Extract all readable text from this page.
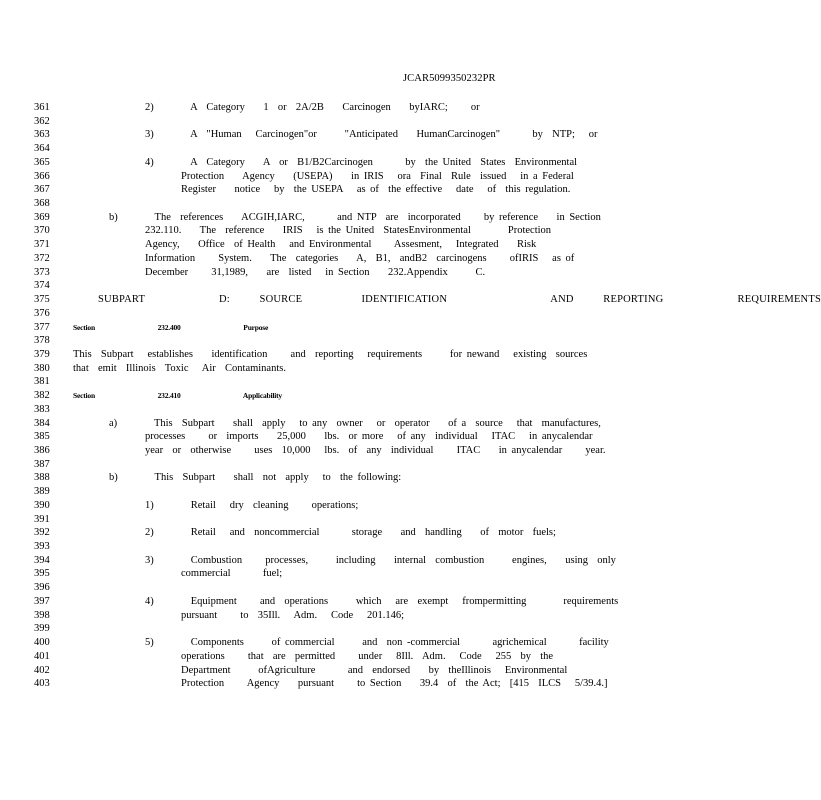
JCAR5099350232PR
361	2)        A  Category    1  or  2A/2B    Carcinogen    byIARC;     or
362
363	3)        A  "Human   Carcinogen"or      "Anticipated    HumanCarcinogen"       by  NTP;   or
364
365	4)        A  Category    A  or  B1/B2Carcinogen       by  the United  States  Environmental
366	Protection    Agency    (USEPA)    in IRIS   ora  Final  Rule  issued   in a Federal
367	Register    notice   by  the USEPA   as of  the effective   date   of  this regulation.
368
369	b)        The  references    ACGIH,IARC,       and NTP  are  incorporated     by reference    in Section
370	232.110.    The  reference    IRIS   is the United  StatesEnvironmental        Protection
371	Agency,    Office  of Health   and Environmental     Assesment,   Integrated    Risk
372	Information     System.    The  categories    A,  B1,  andB2  carcinogens     ofIRIS   as of
373	December     31,1989,    are  listed   in Section    232.Appendix      C.
374
375	SUBPART     D:  SOURCE    IDENTIFICATION       AND  REPORTING     REQUIREMENTS
376
377	Section    232.400    Purpose
378
379	This  Subpart   establishes    identification     and  reporting   requirements      for newand   existing  sources
380	that  emit  Illinois  Toxic   Air  Contaminants.
381
382	Section    232.410    Applicability
383
384	a)        This  Subpart    shall  apply   to any  owner   or  operator    of a  source   that  manufactures,
385	processes     or  imports    25,000    lbs.  or more   of any  individual   ITAC   in anycalendar
386	year  or  otherwise     uses  10,000   lbs.  of  any  individual     ITAC    in anycalendar     year.
387
388	b)        This  Subpart    shall  not  apply   to  the following:
389
390	1)        Retail   dry  cleaning     operations;
391
392	2)        Retail   and  noncommercial       storage    and  handling    of  motor  fuels;
393
394	3)        Combustion     processes,      including    internal  combustion      engines,    using  only
395	commercial       fuel;
396
397	4)        Equipment     and  operations      which   are  exempt   frompermitting        requirements
398	pursuant     to  35Ill.   Adm.   Code   201.146;
399
400	5)        Components      of commercial      and  non -commercial       agrichemical       facility
401	operations     that  are  permitted     under   8Ill.  Adm.   Code   255  by  the
402	Department      ofAgriculture       and  endorsed    by  theIllinois   Environmental
403	Protection     Agency    pursuant     to Section    39.4  of  the Act;  [415  ILCS   5/39.4.]
